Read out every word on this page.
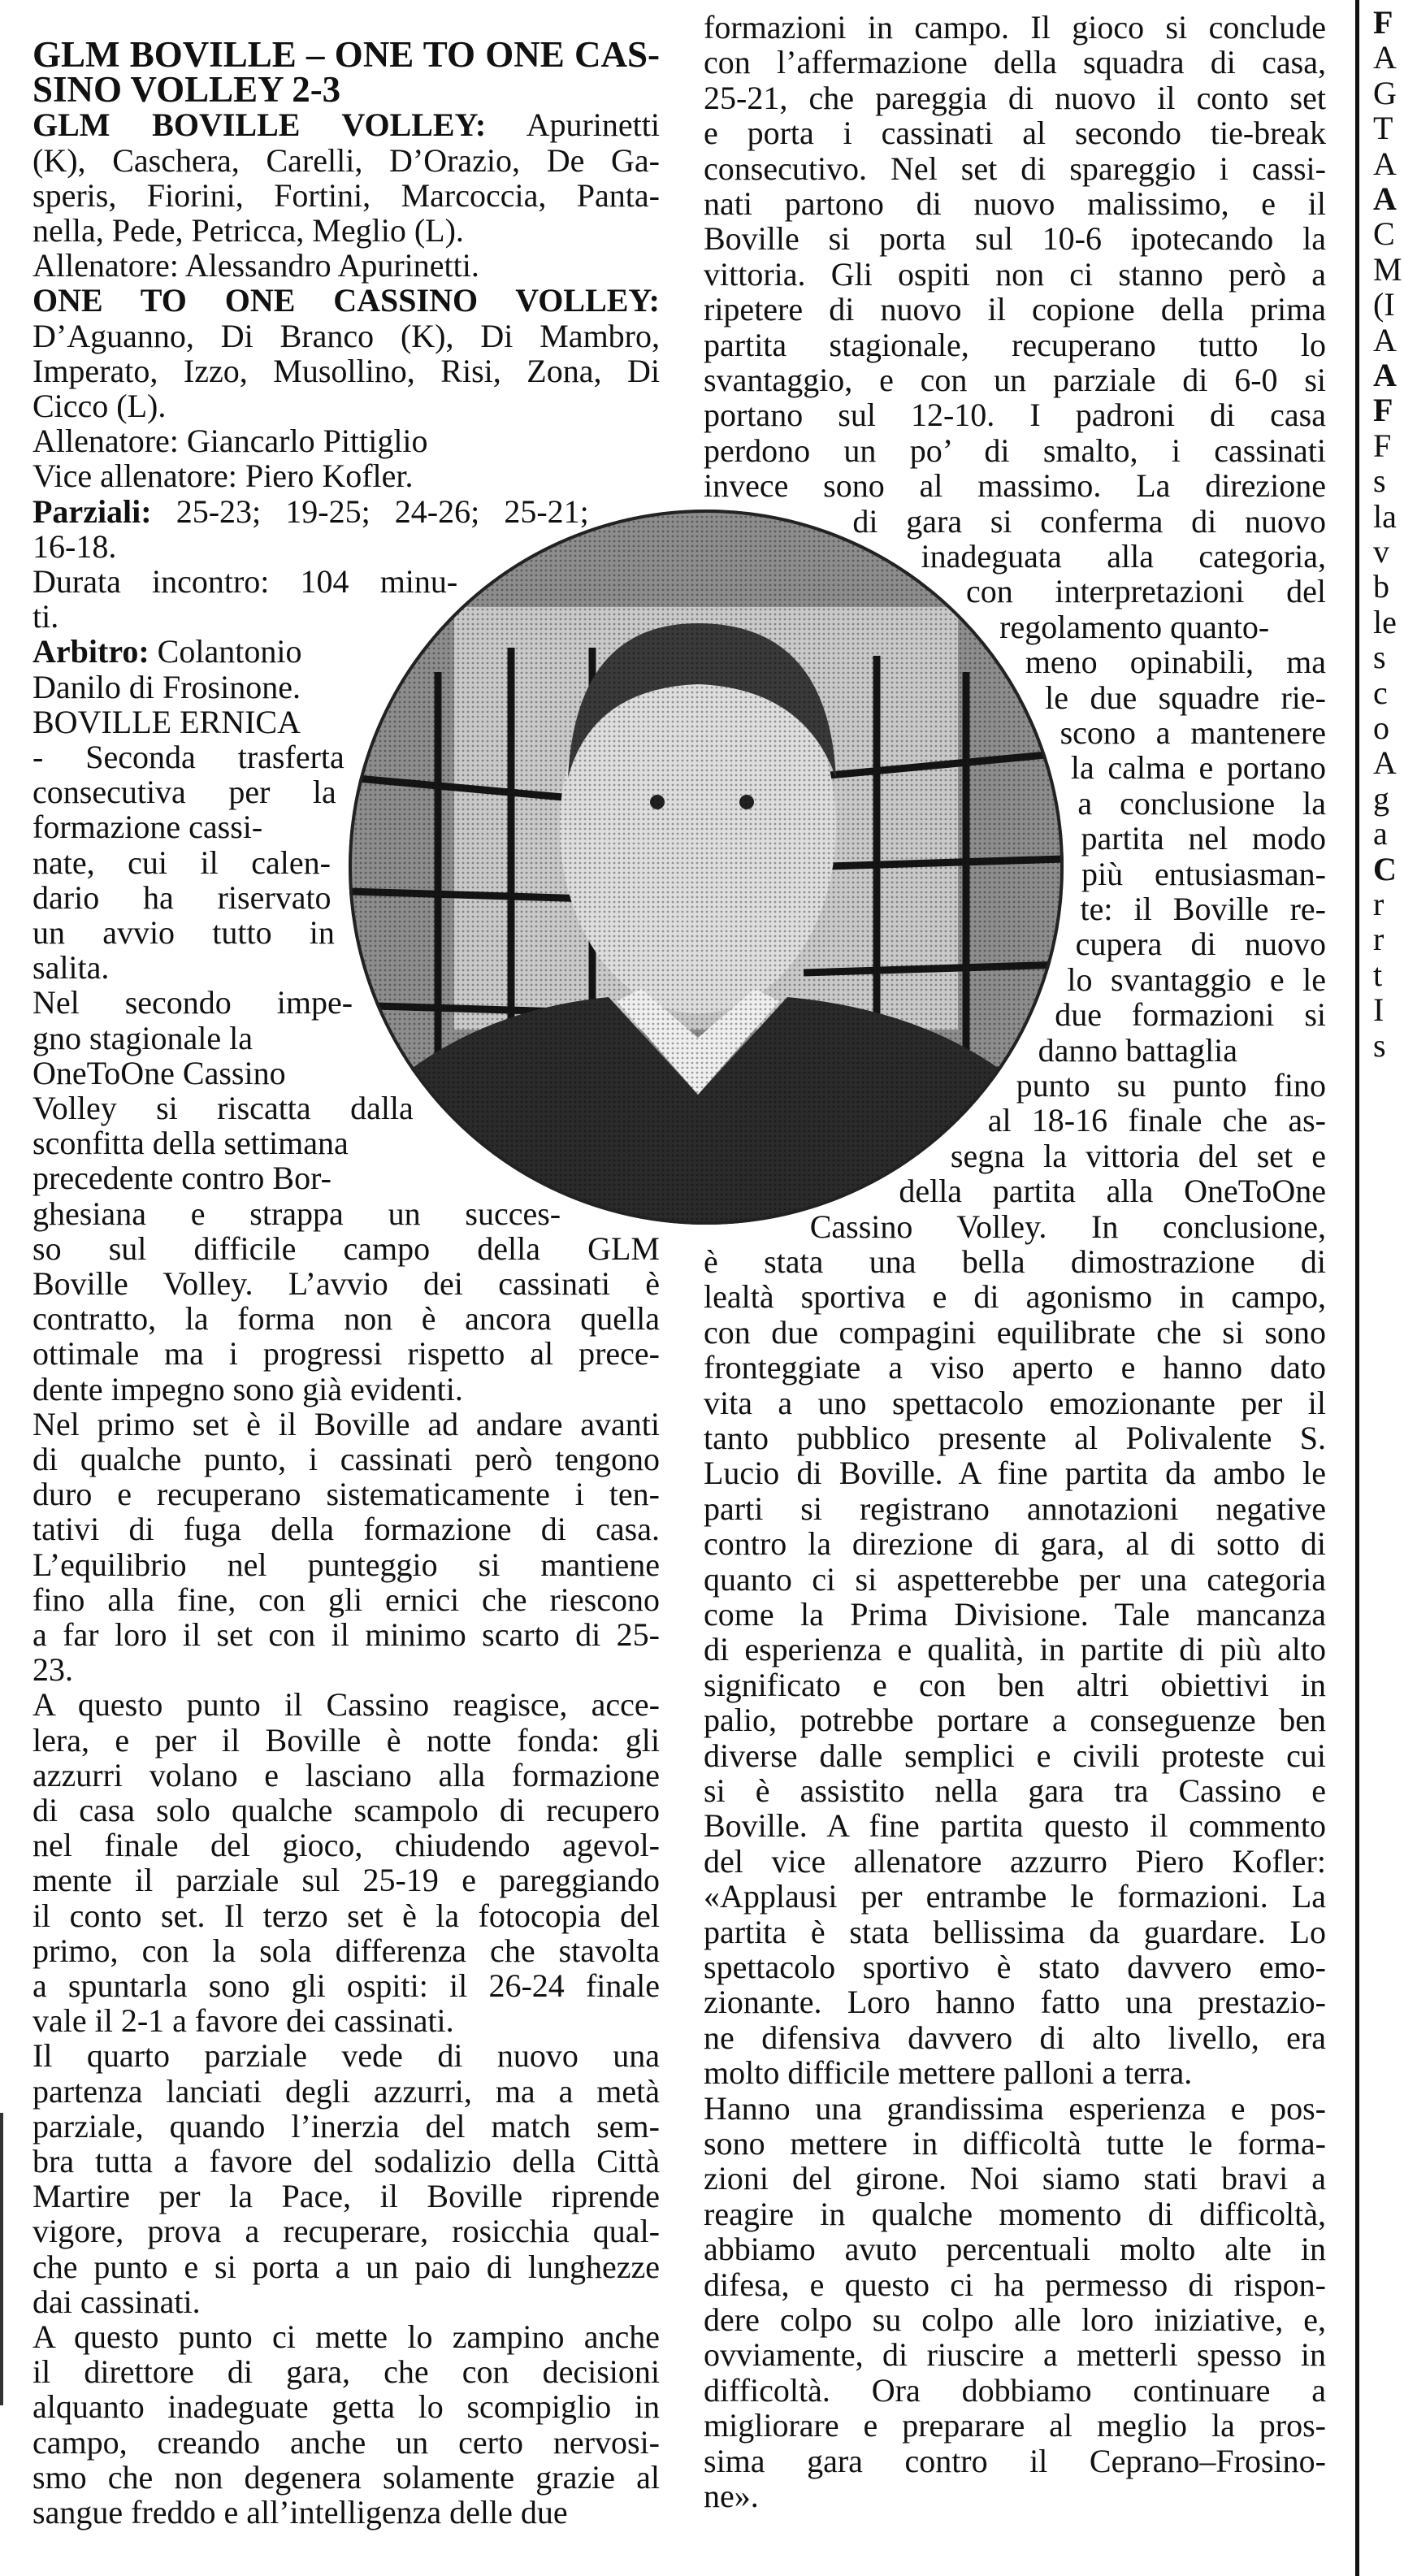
GLM BOVILLE – ONE TO ONE CAS-
SINO VOLLEY 2-3
GLM BOVILLE VOLLEY: Apurinetti
(K), Caschera, Carelli, D’Orazio, De Ga-
speris, Fiorini, Fortini, Marcoccia, Panta-
nella, Pede, Petricca, Meglio (L).
Allenatore: Alessandro Apurinetti.
ONE TO ONE CASSINO VOLLEY:
D’Aguanno, Di Branco (K), Di Mambro,
Imperato, Izzo, Musollino, Risi, Zona, Di
Cicco (L).
Allenatore: Giancarlo Pittiglio
Vice allenatore: Piero Kofler.
Parziali: 25-23; 19-25; 24-26; 25-21;
16-18.
Durata incontro: 104 minu-
ti.
Arbitro: Colantonio
Danilo di Frosinone.
BOVILLE ERNICA
- Seconda trasferta
consecutiva per la
formazione cassi-
nate, cui il calen-
dario ha riservato
un avvio tutto in
salita.
Nel secondo impe-
gno stagionale la
OneToOne Cassino
Volley si riscatta dalla
sconfitta della settimana
precedente contro Bor-
ghesiana e strappa un succes-
so sul difficile campo della GLM
Boville Volley. L’avvio dei cassinati è
contratto, la forma non è ancora quella
ottimale ma i progressi rispetto al prece-
dente impegno sono già evidenti.
Nel primo set è il Boville ad andare avanti
di qualche punto, i cassinati però tengono
duro e recuperano sistematicamente i ten-
tativi di fuga della formazione di casa.
L’equilibrio nel punteggio si mantiene
fino alla fine, con gli ernici che riescono
a far loro il set con il minimo scarto di 25-
23.
A questo punto il Cassino reagisce, acce-
lera, e per il Boville è notte fonda: gli
azzurri volano e lasciano alla formazione
di casa solo qualche scampolo di recupero
nel finale del gioco, chiudendo agevol-
mente il parziale sul 25-19 e pareggiando
il conto set. Il terzo set è la fotocopia del
primo, con la sola differenza che stavolta
a spuntarla sono gli ospiti: il 26-24 finale
vale il 2-1 a favore dei cassinati.
Il quarto parziale vede di nuovo una
partenza lanciati degli azzurri, ma a metà
parziale, quando l’inerzia del match sem-
bra tutta a favore del sodalizio della Città
Martire per la Pace, il Boville riprende
vigore, prova a recuperare, rosicchia qual-
che punto e si porta a un paio di lunghezze
dai cassinati.
A questo punto ci mette lo zampino anche
il direttore di gara, che con decisioni
alquanto inadeguate getta lo scompiglio in
campo, creando anche un certo nervosi-
smo che non degenera solamente grazie al
sangue freddo e all’intelligenza delle due
formazioni in campo. Il gioco si conclude
con l’affermazione della squadra di casa,
25-21, che pareggia di nuovo il conto set
e porta i cassinati al secondo tie-break
consecutivo. Nel set di spareggio i cassi-
nati partono di nuovo malissimo, e il
Boville si porta sul 10-6 ipotecando la
vittoria. Gli ospiti non ci stanno però a
ripetere di nuovo il copione della prima
partita stagionale, recuperano tutto lo
svantaggio, e con un parziale di 6-0 si
portano sul 12-10. I padroni di casa
perdono un po’ di smalto, i cassinati
invece sono al massimo. La direzione
di gara si conferma di nuovo
inadeguata alla categoria,
con interpretazioni del
regolamento quanto-
meno opinabili, ma
le due squadre rie-
scono a mantenere
la calma e portano
a conclusione la
partita nel modo
più entusiasman-
te: il Boville re-
cupera di nuovo
lo svantaggio e le
due formazioni si
danno battaglia
punto su punto fino
al 18-16 finale che as-
segna la vittoria del set e
della partita alla OneToOne
Cassino Volley. In conclusione,
è stata una bella dimostrazione di
lealtà sportiva e di agonismo in campo,
con due compagini equilibrate che si sono
fronteggiate a viso aperto e hanno dato
vita a uno spettacolo emozionante per il
tanto pubblico presente al Polivalente S.
Lucio di Boville. A fine partita da ambo le
parti si registrano annotazioni negative
contro la direzione di gara, al di sotto di
quanto ci si aspetterebbe per una categoria
come la Prima Divisione. Tale mancanza
di esperienza e qualità, in partite di più alto
significato e con ben altri obiettivi in
palio, potrebbe portare a conseguenze ben
diverse dalle semplici e civili proteste cui
si è assistito nella gara tra Cassino e
Boville. A fine partita questo il commento
del vice allenatore azzurro Piero Kofler:
«Applausi per entrambe le formazioni. La
partita è stata bellissima da guardare. Lo
spettacolo sportivo è stato davvero emo-
zionante. Loro hanno fatto una prestazio-
ne difensiva davvero di alto livello, era
molto difficile mettere palloni a terra.
Hanno una grandissima esperienza e pos-
sono mettere in difficoltà tutte le forma-
zioni del girone. Noi siamo stati bravi a
reagire in qualche momento di difficoltà,
abbiamo avuto percentuali molto alte in
difesa, e questo ci ha permesso di rispon-
dere colpo su colpo alle loro iniziative, e,
ovviamente, di riuscire a metterli spesso in
difficoltà. Ora dobbiamo continuare a
migliorare e preparare al meglio la pros-
sima gara contro il Ceprano–Frosino-
ne».
F
A
G
T
A
A
C
M
(I
A
A
F
F
s
la
v
b
le
s
c
o
A
g
a
C
r
r
t
I
s
